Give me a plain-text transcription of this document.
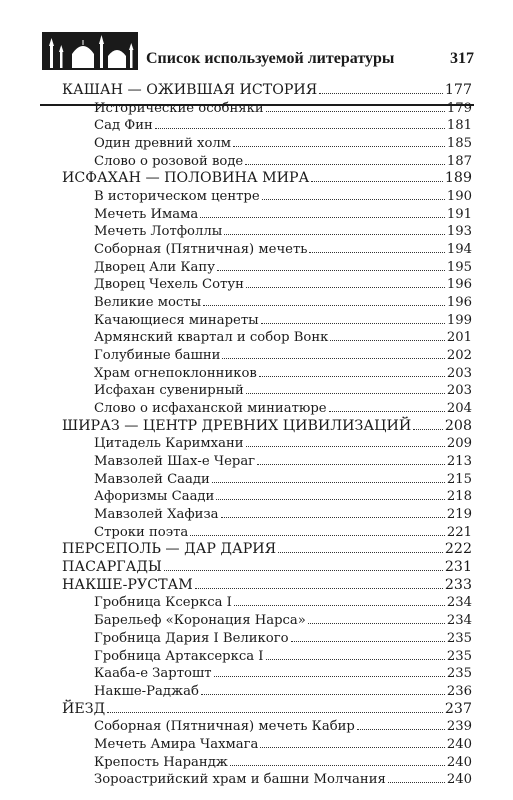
Список используемой литературы	317
КАШАН — ОЖИВШАЯ ИСТОРИЯ	177
Исторические особняки	179
Сад Фин	181
Один древний холм	185
Слово о розовой воде	187
ИСФАХАН — ПОЛОВИНА МИРА	189
В историческом центре	190
Мечеть Имама	191
Мечеть Лотфоллы	193
Соборная (Пятничная) мечеть	194
Дворец Али Капу	195
Дворец Чехель Сотун	196
Великие мосты	196
Качающиеся минареты	199
Армянский квартал и собор Вонк	201
Голубиные башни	202
Храм огнепоклонников	203
Исфахан сувенирный	203
Слово о исфаханской миниатюре	204
ШИРАЗ — ЦЕНТР ДРЕВНИХ ЦИВИЛИЗАЦИЙ 208
Цитадель Каримхани	209
Мавзолей Шах-е Чераг	213
Мавзолей Саади	215
Афоризмы Саади	218
Мавзолей Хафиза	219
Строки поэта	221
ПЕРСЕПОЛЬ — ДАР ДАРИЯ	222
ПАСАРГАДЫ	231
НАКШЕ-РУСТАМ	233
Гробница Ксеркса I	234
Барельеф «Коронация Нарса»	234
Гробница Дария I Великого	235
Гробница Артаксеркса I	235
Кааба-е Зартошт	235
Накше-Раджаб	236
ЙЕЗД	237
Соборная (Пятничная) мечеть Кабир	239
Мечеть Амира Чахмага	240
Крепость Нарандж	240
Зороастрийский храм и башни Молчания	240
